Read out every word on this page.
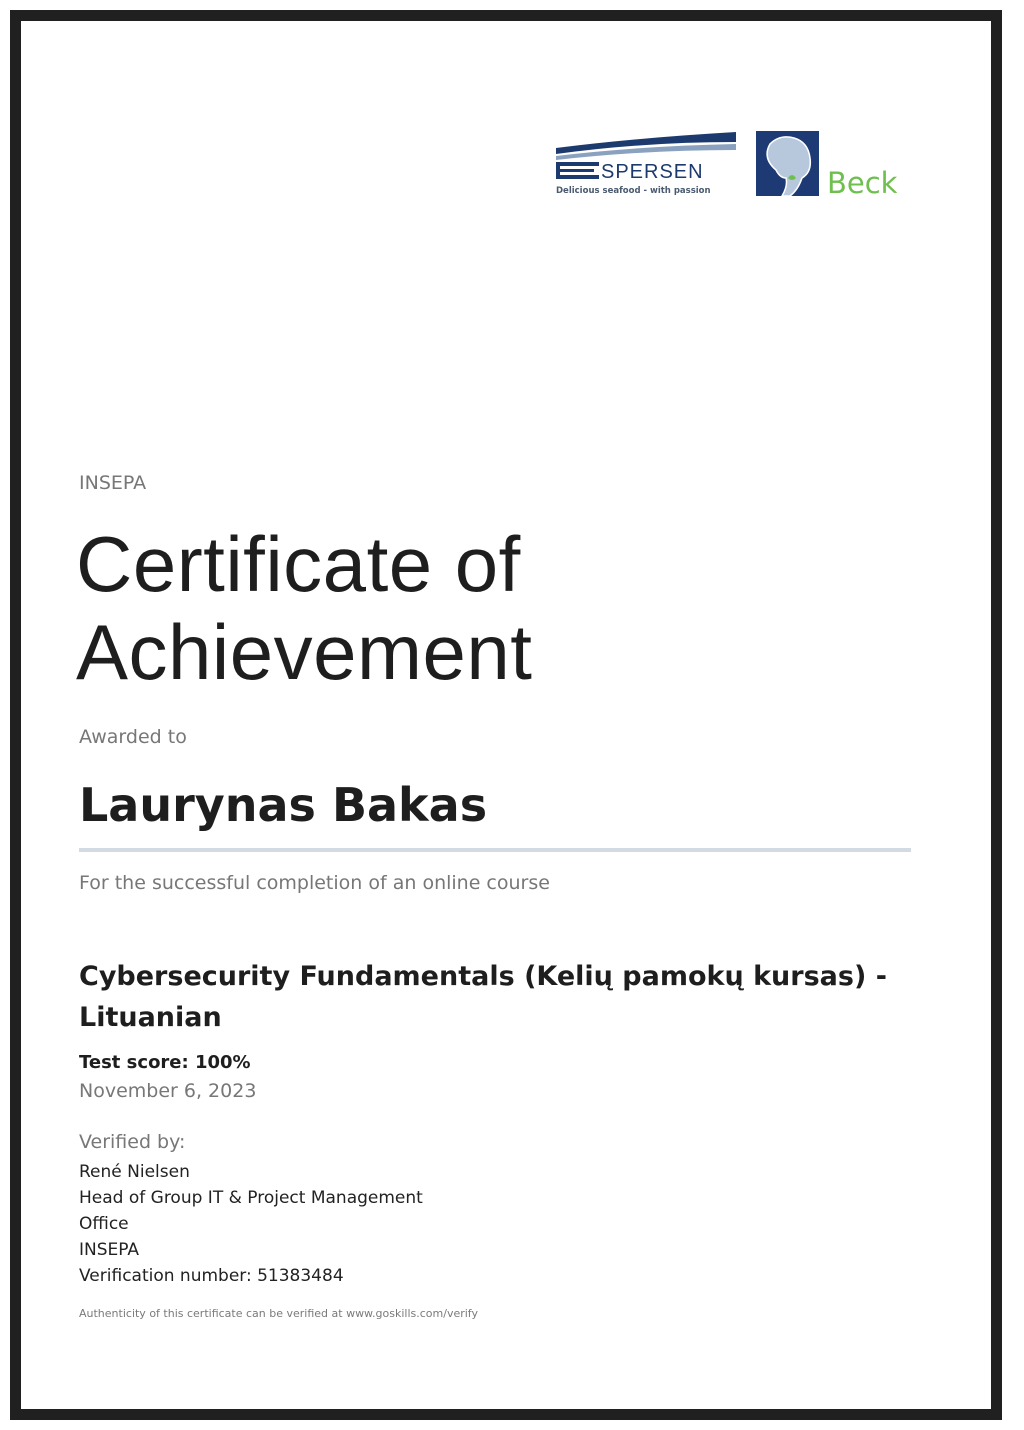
SPERSEN
Delicious seafood - with passion	Beck
INSEPA
Certificate of
Achievement
Awarded to
Laurynas Bakas
For the successful completion of an online course
Cybersecurity Fundamentals (Kelių pamokų kursas) -
Lituanian
Test score: 100%
November 6, 2023
Verified by:
René Nielsen
Head of Group IT & Project Management
Office
INSEPA
Verification number: 51383484
Authenticity of this certificate can be verified at www.goskills.com/verify
